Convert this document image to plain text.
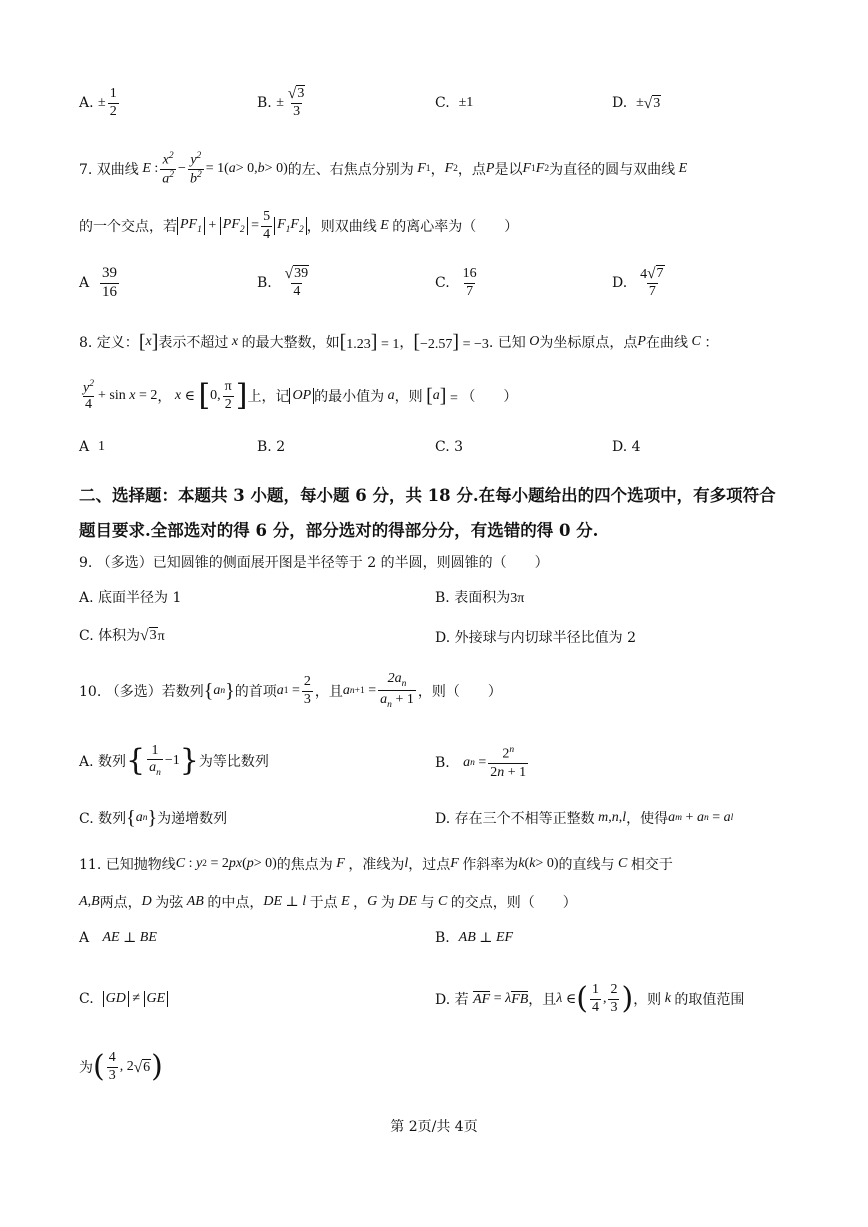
A.
± $\frac{1}{2}$	B.
± $\frac{√ 3}{3}$	C.
±1	D.
± √ 3
7. 双曲线 E : $\frac{x^2}{a^2} - \frac{y^2}{b^2} = 1$( a > 0, b > 0) 的左、右焦点分别为 F 1 ， F 2 ，点 P 是以 F 1 F 2 为直径的圆与双曲线 E
的一个交点，若 $PF_1 + PF_2 = \frac{5}{4} F_1F_2$ ，则双曲线 E 的离心率为（　　）
A
$\frac{39}{16}$	B.
$\frac{√ 39}{4}$	C.
$\frac{16}{7}$	D.
$\frac{4 √ 7}{7}$
8. 定义： [ x ] 表示不超过 x 的最大整数，如 [1.23] = 1 ， [−2.57] = −3 . 已知 O 为坐标原点，点 P 在曲线 C ：
$\frac{y^2}{4} + \sin x = 2$ ， x ∈ [ 0, $\frac{\pi}{2}$ ] 上，记 OP 的最小值为 a ，则 [ a ] = （　　）
A
1	B. 2	C. 3	D. 4
二、选择题：本题共 3 小题，每小题 6 分，共 18 分.在每小题给出的四个选项中，有多项符合
题目要求.全部选对的得 6 分，部分选对的得部分分，有选错的得 0 分.
9. （多选）已知圆锥的侧面展开图是半径等于 2 的半圆，则圆锥的（　　）
A. 底面半径为 1	B. 表面积为3π
C. 体积为 √ 3 π	D. 外接球与内切球半径比值为 2
10. （多选）若数列 { a n } 的首项 a $1 = \frac{2}{3}$ ，且 a $n +1 = \frac{2a_n}{a_n + 1}$ ，则（　　）
A. 数列 { $\frac{1}{a_n} -1$ } 为等比数列	B.
a $n = \frac{2^n}{2n + 1}$
C. 数列 { a n } 为递增数列	D. 存在三个不相等正整数 m , n , l ，使得 a m + a n = a l
11. 已知抛物线 C : y 2 = 2 px ( p > 0) 的焦点为 F ，准线为 l ，过点 F 作斜率为 k ( k > 0) 的直线与 C 相交于
A , B 两点， D 为弦 AB 的中点， DE ⊥ l 于点 E ， G 为 DE 与 C 的交点，则（　　）
A
AE ⊥ BE	B.
AB ⊥ EF
C.
GD ≠ GE	D. 若
AF = λ FB ，且 λ ∈ ( $\frac{1}{4}$ , $\frac{2}{3}$ ) ，则 k 的取值范围
为 ( $\frac{4}{3}$ , 2 √ 6 )
第 2页/共 4页
